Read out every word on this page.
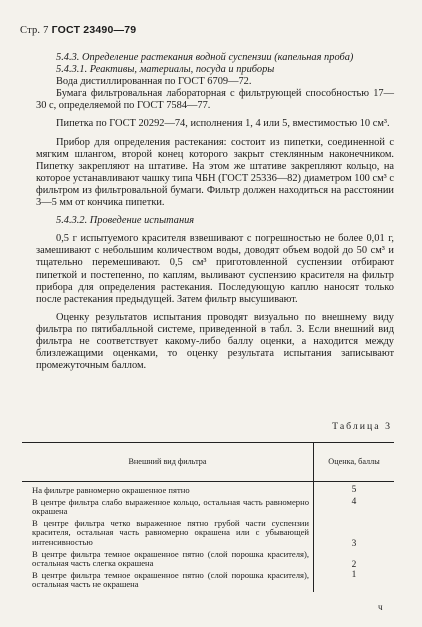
Стр. 7 ГОСТ 23490—79

5.4.3. Определение растекания водной суспензии (капельная проба)

5.4.3.1. Реактивы, материалы, посуда и приборы

Вода дистиллированная по ГОСТ 6709—72.

Бумага фильтровальная лабораторная с фильтрующей способностью 17—30 с, определяемой по ГОСТ 7584—77.

Пипетка по ГОСТ 20292—74, исполнения 1, 4 или 5, вместимостью 10 см³.

Прибор для определения растекания: состоит из пипетки, соединенной с мягким шлангом, второй конец которого закрыт стеклянным наконечником. Пипетку закрепляют на штативе. На этом же штативе закрепляют кольцо, на которое устанавливают чашку типа ЧБН (ГОСТ 25336—82) диаметром 100 см³ с фильтром из фильтровальной бумаги. Фильтр должен находиться на расстоянии 3—5 мм от кончика пипетки.

5.4.3.2. Проведение испытания

0,5 г испытуемого красителя взвешивают с погрешностью не более 0,01 г, замешивают с небольшим количеством воды, доводят объем водой до 50 см³ и тщательно перемешивают. 0,5 см³ приготовленной суспензии отбирают пипеткой и постепенно, по каплям, выливают суспензию красителя на фильтр прибора для определения растекания. Последующую каплю наносят только после растекания предыдущей. Затем фильтр высушивают.

Оценку результатов испытания проводят визуально по внешнему виду фильтра по пятибалльной системе, приведенной в табл. 3. Если внешний вид фильтра не соответствует какому-либо баллу оценки, а находится между близлежащими оценками, то оценку результата испытания записывают промежуточным баллом.

Таблица 3
Внешний вид фильтра	Оценка, баллы
На фильтре равномерно окрашенное пятно	5
В центре фильтра слабо выраженное кольцо, остальная часть равномерно окрашена	4
В центре фильтра четко выраженное пятно грубой части суспензии красителя, остальная часть равномерно окрашена или с убывающей интенсивностью	3
В центре фильтра темное окрашенное пятно (слой порошка красителя), остальная часть слегка окрашена	2
В центре фильтра темное окрашенное пятно (слой порошка красителя), остальная часть не окрашена	1
ч
